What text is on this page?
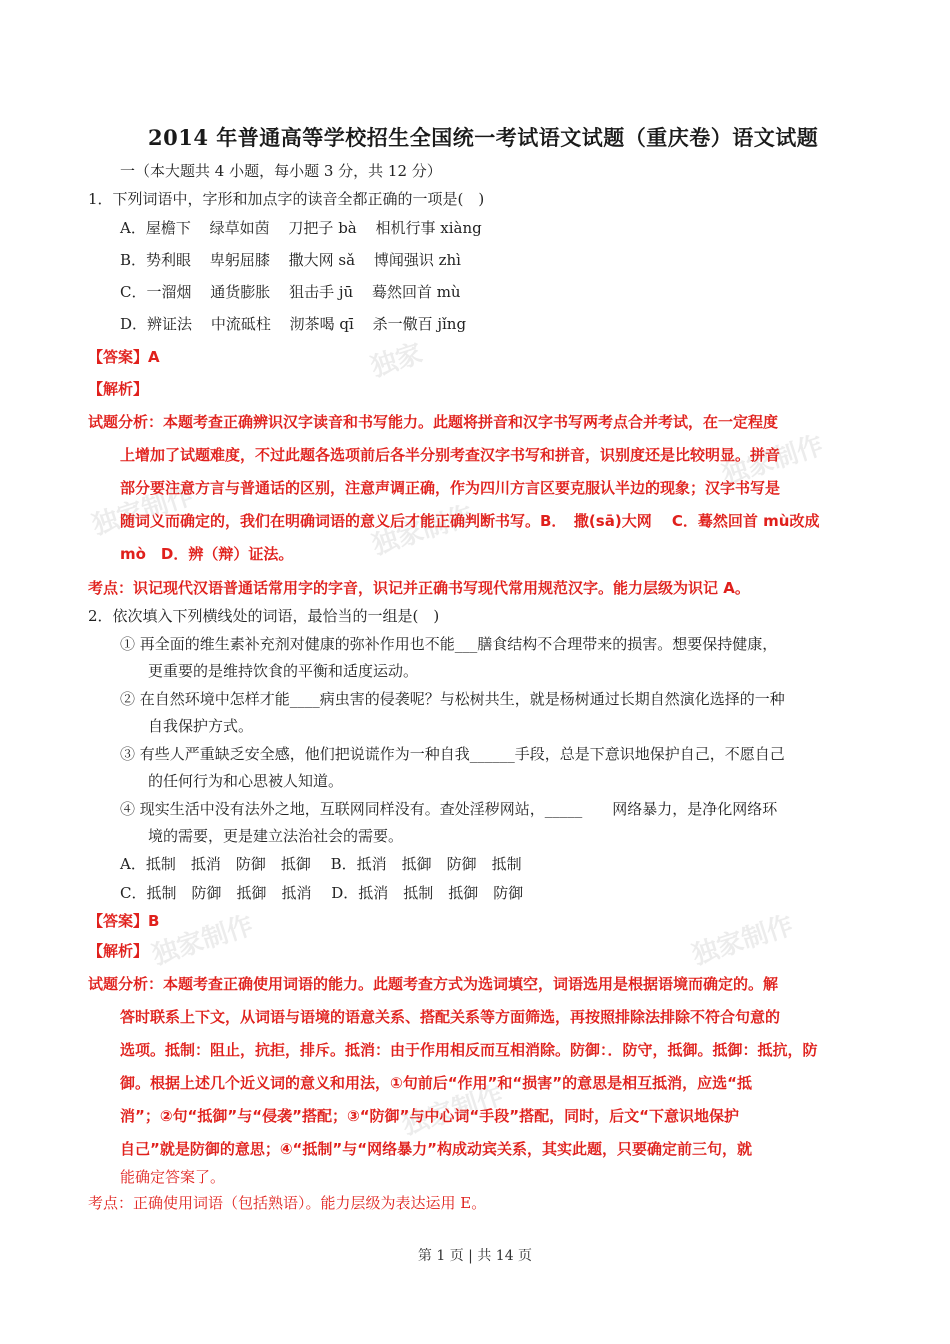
独家
独家制作	独家制作
独家制作
独家制作	独家制作
独家制作
2014 年普通高等学校招生全国统一考试语文试题（重庆卷）语文试题
一（本大题共 4 小题，每小题 3 分，共 12 分）
1．下列词语中，字形和加点字的读音全都正确的一项是(　)
A．屋檐下 绿草如茵 刀把子 bà 相机行事 xiàng
B．势利眼 卑躬屈膝 撒大网 sǎ 博闻强识 zhì
C．一溜烟 通货膨胀 狙击手 jū 蓦然回首 mù
D．辨证法 中流砥柱 沏茶喝 qī 杀一儆百 jǐng
【答案】A
【解析】
试题分析：本题考查正确辨识汉字读音和书写能力。此题将拼音和汉字书写两考点合并考试，在一定程度
上增加了试题难度，不过此题各选项前后各半分别考查汉字书写和拼音，识别度还是比较明显。拼音
部分要注意方言与普通话的区别，注意声调正确，作为四川方言区要克服认半边的现象；汉字书写是
随词义而确定的，我们在明确词语的意义后才能正确判断书写。B．　撒(sā)大网　 C．蓦然回首 mù改成
mò　D．辨（辩）证法。
考点：识记现代汉语普通话常用字的字音，识记并正确书写现代常用规范汉字。能力层级为识记 A。
2．依次填入下列横线处的词语，最恰当的一组是(　)
① 再全面的维生素补充剂对健康的弥补作用也不能___膳食结构不合理带来的损害。想要保持健康，
更重要的是维持饮食的平衡和适度运动。
② 在自然环境中怎样才能____病虫害的侵袭呢？与松树共生，就是杨树通过长期自然演化选择的一种
自我保护方式。
③ 有些人严重缺乏安全感，他们把说谎作为一种自我______手段，总是下意识地保护自己，不愿自己
的任何行为和心思被人知道。
④ 现实生活中没有法外之地，互联网同样没有。查处淫秽网站，_____　　网络暴力，是净化网络环
境的需要，更是建立法治社会的需要。
A．抵制　抵消　防御　抵御　 B．抵消　抵御　防御　抵制
C．抵制　防御　抵御　抵消　 D．抵消　抵制　抵御　防御
【答案】B
【解析】
试题分析：本题考查正确使用词语的能力。此题考查方式为选词填空，词语选用是根据语境而确定的。解
答时联系上下文，从词语与语境的语意关系、搭配关系等方面筛选，再按照排除法排除不符合句意的
选项。抵制：阻止，抗拒，排斥。抵消：由于作用相反而互相消除。防御：．防守，抵御。抵御：抵抗，防
御。根据上述几个近义词的意义和用法，①句前后“作用”和“损害”的意思是相互抵消，应选“抵
消”；②句“抵御”与“侵袭”搭配；③“防御”与中心词“手段”搭配，同时，后文“下意识地保护
自己”就是防御的意思；④“抵制”与“网络暴力”构成动宾关系，其实此题，只要确定前三句，就
能确定答案了。
考点：正确使用词语（包括熟语）。能力层级为表达运用 E。
第 1 页 | 共 14 页
